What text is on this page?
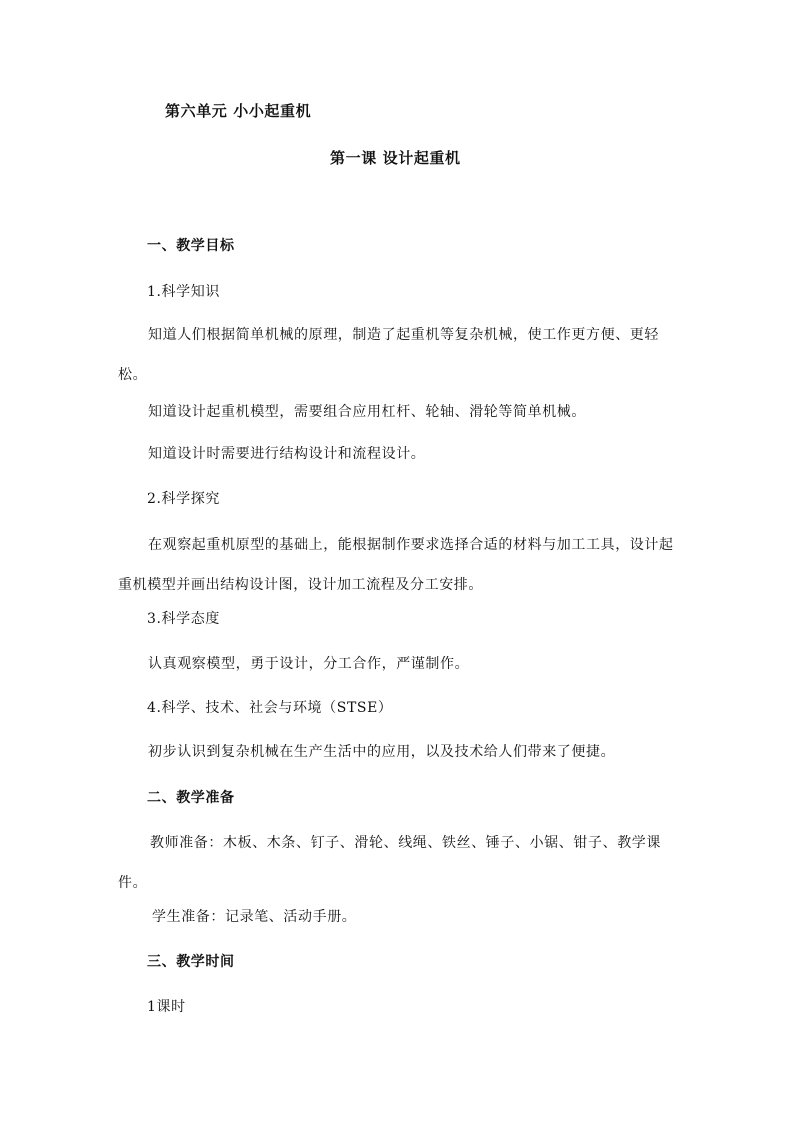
第六单元 小小起重机
第一课 设计起重机
一、教学目标
1.科学知识
知道人们根据简单机械的原理，制造了起重机等复杂机械，使工作更方便、更轻松。
知道设计起重机模型，需要组合应用杠杆、轮轴、滑轮等简单机械。
知道设计时需要进行结构设计和流程设计。
2.科学探究
在观察起重机原型的基础上，能根据制作要求选择合适的材料与加工工具，设计起重机模型并画出结构设计图，设计加工流程及分工安排。
3.科学态度
认真观察模型，勇于设计，分工合作，严谨制作。
4.科学、技术、社会与环境（STSE）
初步认识到复杂机械在生产生活中的应用，以及技术给人们带来了便捷。
二、教学准备
教师准备：木板、木条、钉子、滑轮、线绳、铁丝、锤子、小锯、钳子、教学课件。
学生准备：记录笔、活动手册。
三、教学时间
1课时
